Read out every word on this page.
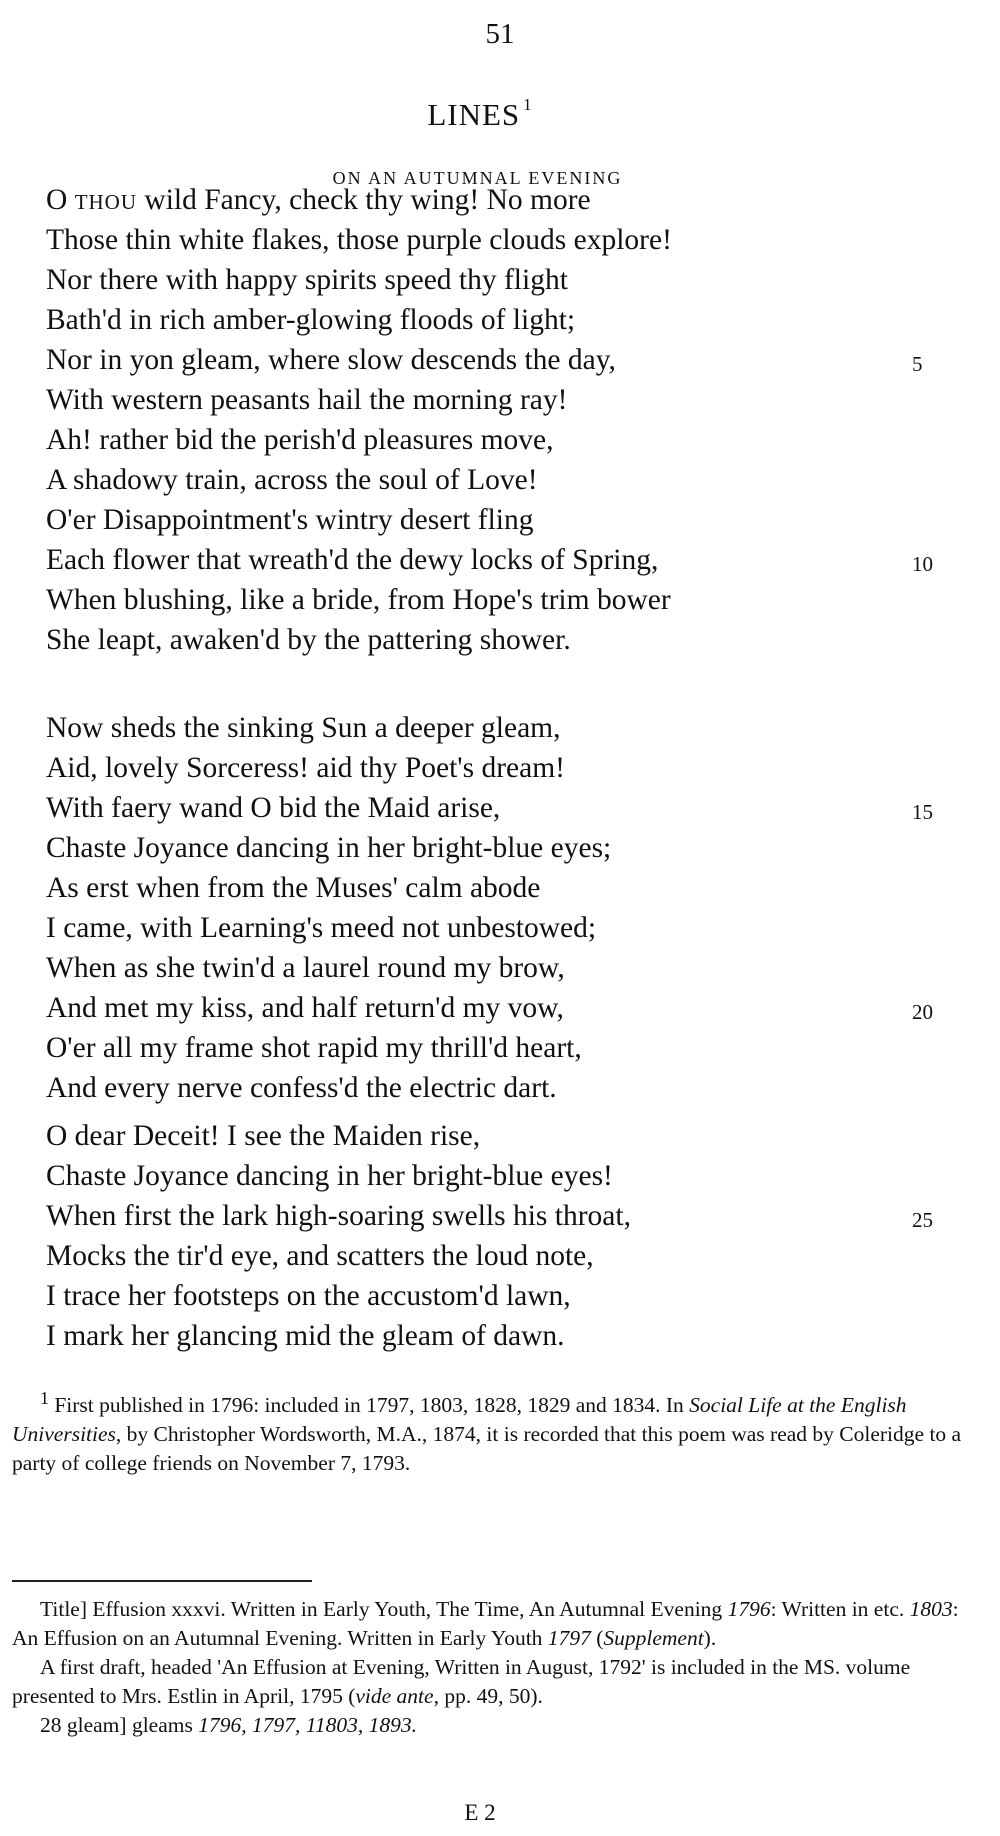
51
LINES $^1$
ON AN AUTUMNAL EVENING
O THOU wild Fancy, check thy wing! No more
Those thin white flakes, those purple clouds explore!
Nor there with happy spirits speed thy flight
Bath'd in rich amber-glowing floods of light;
Nor in yon gleam, where slow descends the day,	5
With western peasants hail the morning ray!
Ah! rather bid the perish'd pleasures move,
A shadowy train, across the soul of Love!
O'er Disappointment's wintry desert fling
Each flower that wreath'd the dewy locks of Spring,	10
When blushing, like a bride, from Hope's trim bower
She leapt, awaken'd by the pattering shower.
Now sheds the sinking Sun a deeper gleam,
Aid, lovely Sorceress! aid thy Poet's dream!
With faery wand O bid the Maid arise,	15
Chaste Joyance dancing in her bright-blue eyes;
As erst when from the Muses' calm abode
I came, with Learning's meed not unbestowed;
When as she twin'd a laurel round my brow,
And met my kiss, and half return'd my vow,	20
O'er all my frame shot rapid my thrill'd heart,
And every nerve confess'd the electric dart.
O dear Deceit! I see the Maiden rise,
Chaste Joyance dancing in her bright-blue eyes!
When first the lark high-soaring swells his throat,	25
Mocks the tir'd eye, and scatters the loud note,
I trace her footsteps on the accustom'd lawn,
I mark her glancing mid the gleam of dawn.

$^1$ First published in 1796: included in 1797, 1803, 1828, 1829 and 1834. In Social Life at the English Universities, by Christopher Wordsworth, M.A., 1874, it is recorded that this poem was read by Coleridge to a party of college friends on November 7, 1793.

Title] Effusion xxxvi. Written in Early Youth, The Time, An Autumnal Evening 1796: Written in etc. 1803: An Effusion on an Autumnal Evening. Written in Early Youth 1797 (Supplement).

A first draft, headed 'An Effusion at Evening, Written in August, 1792' is included in the MS. volume presented to Mrs. Estlin in April, 1795 (vide ante, pp. 49, 50).

28 gleam] gleams 1796, 1797, 11803, 1893.

E 2
